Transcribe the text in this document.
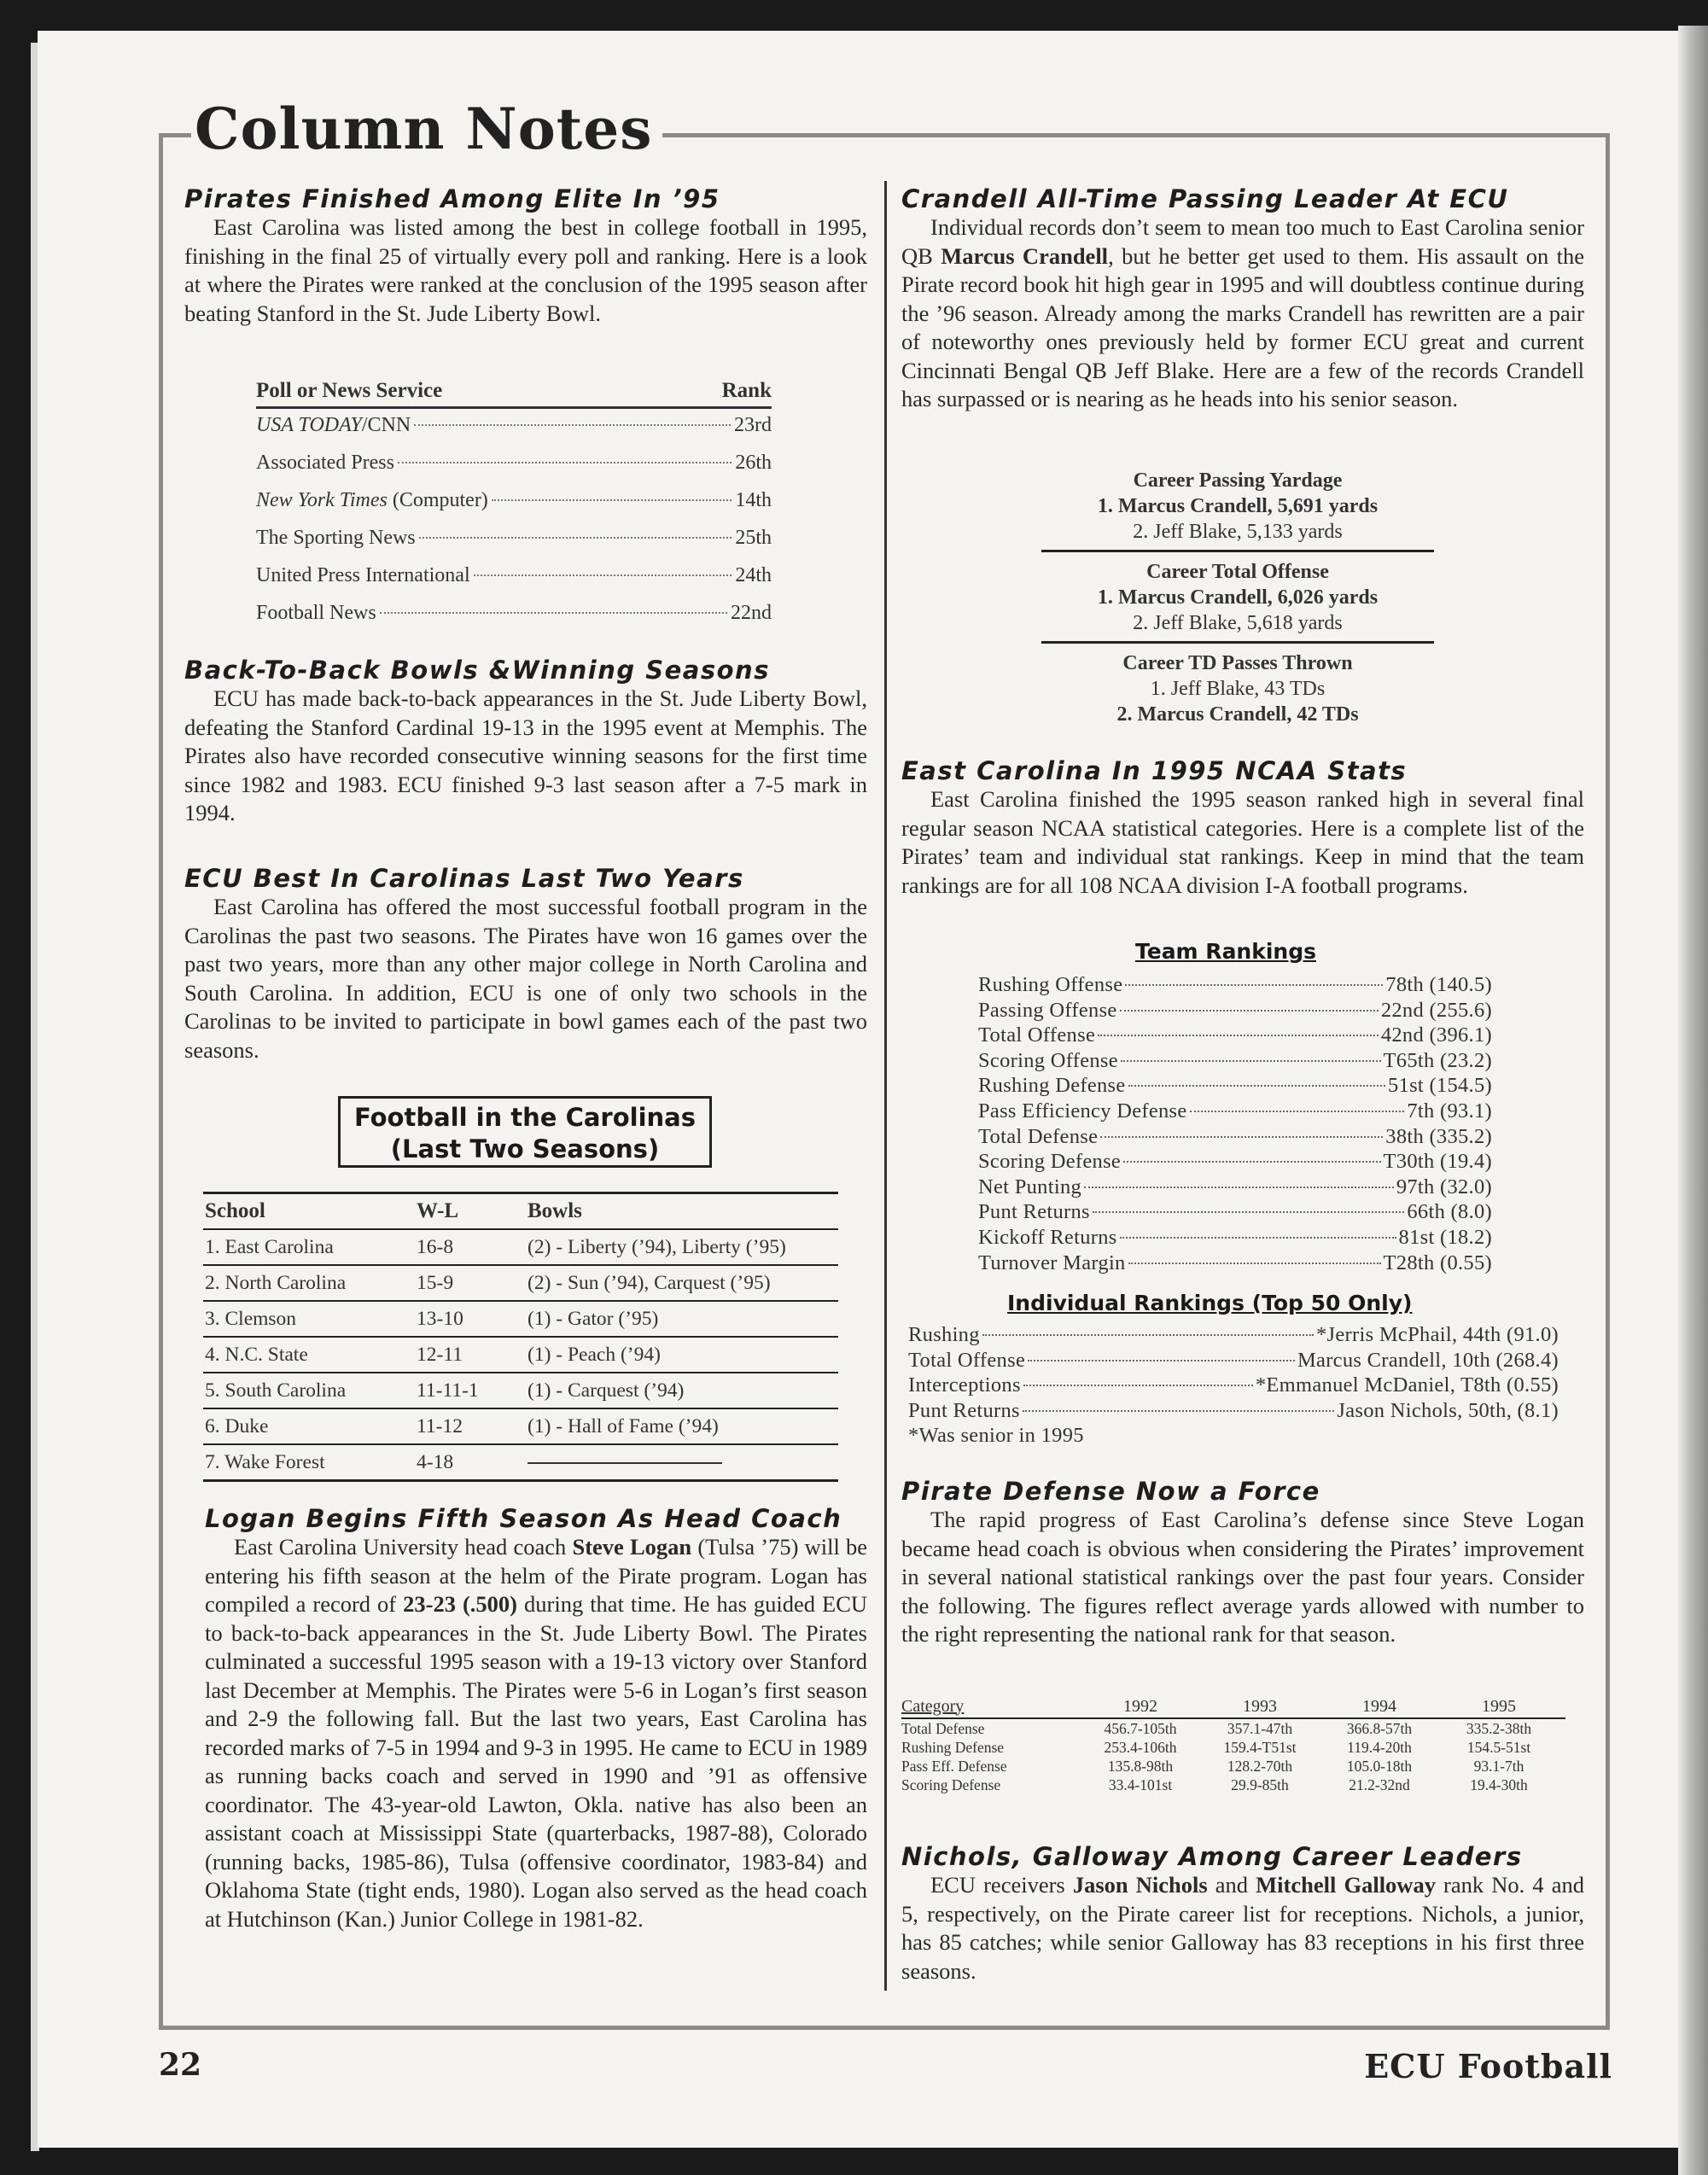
Column Notes
Pirates Finished Among Elite In ’95

East Carolina was listed among the best in college football in 1995, finishing in the final 25 of virtually every poll and ranking. Here is a look at where the Pirates were ranked at the conclusion of the 1995 season after beating Stanford in the St. Jude Liberty Bowl.

Poll or News Service	Rank
USA TODAY/CNN	23rd
Associated Press	26th
New York Times (Computer)	14th
The Sporting News	25th
United Press International	24th
Football News	22nd
Back-To-Back Bowls &Winning Seasons

ECU has made back-to-back appearances in the St. Jude Liberty Bowl, defeating the Stanford Cardinal 19-13 in the 1995 event at Memphis. The Pirates also have recorded consecutive winning seasons for the first time since 1982 and 1983. ECU finished 9-3 last season after a 7-5 mark in 1994.

ECU Best In Carolinas Last Two Years

East Carolina has offered the most successful football program in the Carolinas the past two seasons. The Pirates have won 16 games over the past two years, more than any other major college in North Carolina and South Carolina. In addition, ECU is one of only two schools in the Carolinas to be invited to participate in bowl games each of the past two seasons.

Football in the Carolinas
(Last Two Seasons)
School	W-L	Bowls
1. East Carolina	16-8	(2) - Liberty (’94), Liberty (’95)
2. North Carolina	15-9	(2) - Sun (’94), Carquest (’95)
3. Clemson	13-10	(1) - Gator (’95)
4. N.C. State	12-11	(1) - Peach (’94)
5. South Carolina	11-11-1	(1) - Carquest (’94)
6. Duke	11-12	(1) - Hall of Fame (’94)
7. Wake Forest	4-18
Logan Begins Fifth Season As Head Coach

East Carolina University head coach Steve Logan (Tulsa ’75) will be entering his fifth season at the helm of the Pirate program. Logan has compiled a record of 23-23 (.500) during that time. He has guided ECU to back-to-back appearances in the St. Jude Liberty Bowl. The Pirates culminated a successful 1995 season with a 19-13 victory over Stanford last December at Memphis. The Pirates were 5-6 in Logan’s first season and 2-9 the following fall. But the last two years, East Carolina has recorded marks of 7-5 in 1994 and 9-3 in 1995. He came to ECU in 1989 as running backs coach and served in 1990 and ’91 as offensive coordinator. The 43-year-old Lawton, Okla. native has also been an assistant coach at Mississippi State (quarterbacks, 1987-88), Colorado (running backs, 1985-86), Tulsa (offensive coordinator, 1983-84) and Oklahoma State (tight ends, 1980). Logan also served as the head coach at Hutchinson (Kan.) Junior College in 1981-82.

Crandell All-Time Passing Leader At ECU

Individual records don’t seem to mean too much to East Carolina senior QB Marcus Crandell, but he better get used to them. His assault on the Pirate record book hit high gear in 1995 and will doubtless continue during the ’96 season. Already among the marks Crandell has rewritten are a pair of noteworthy ones previously held by former ECU great and current Cincinnati Bengal QB Jeff Blake. Here are a few of the records Crandell has surpassed or is nearing as he heads into his senior season.

Career Passing Yardage
1. Marcus Crandell, 5,691 yards
2. Jeff Blake, 5,133 yards
Career Total Offense
1. Marcus Crandell, 6,026 yards
2. Jeff Blake, 5,618 yards
Career TD Passes Thrown
1. Jeff Blake, 43 TDs
2. Marcus Crandell, 42 TDs
East Carolina In 1995 NCAA Stats

East Carolina finished the 1995 season ranked high in several final regular season NCAA statistical categories. Here is a complete list of the Pirates’ team and individual stat rankings. Keep in mind that the team rankings are for all 108 NCAA division I-A football programs.

Team Rankings
Rushing Offense	78th (140.5)
Passing Offense	22nd (255.6)
Total Offense	42nd (396.1)
Scoring Offense	T65th (23.2)
Rushing Defense	51st (154.5)
Pass Efficiency Defense	7th (93.1)
Total Defense	38th (335.2)
Scoring Defense	T30th (19.4)
Net Punting	97th (32.0)
Punt Returns	66th (8.0)
Kickoff Returns	81st (18.2)
Turnover Margin	T28th (0.55)
Individual Rankings (Top 50 Only)
Rushing	*Jerris McPhail, 44th (91.0)
Total Offense	Marcus Crandell, 10th (268.4)
Interceptions	*Emmanuel McDaniel, T8th (0.55)
Punt Returns	Jason Nichols, 50th, (8.1)
*Was senior in 1995
Pirate Defense Now a Force

The rapid progress of East Carolina’s defense since Steve Logan became head coach is obvious when considering the Pirates’ improvement in several national statistical rankings over the past four years. Consider the following. The figures reflect average yards allowed with number to the right representing the national rank for that season.

Category	1992	1993	1994	1995
Total Defense	456.7-105th	357.1-47th	366.8-57th	335.2-38th
Rushing Defense	253.4-106th	159.4-T51st	119.4-20th	154.5-51st
Pass Eff. Defense	135.8-98th	128.2-70th	105.0-18th	93.1-7th
Scoring Defense	33.4-101st	29.9-85th	21.2-32nd	19.4-30th
Nichols, Galloway Among Career Leaders

ECU receivers Jason Nichols and Mitchell Galloway rank No. 4 and 5, respectively, on the Pirate career list for receptions. Nichols, a junior, has 85 catches; while senior Galloway has 83 receptions in his first three seasons.

22	ECU Football
